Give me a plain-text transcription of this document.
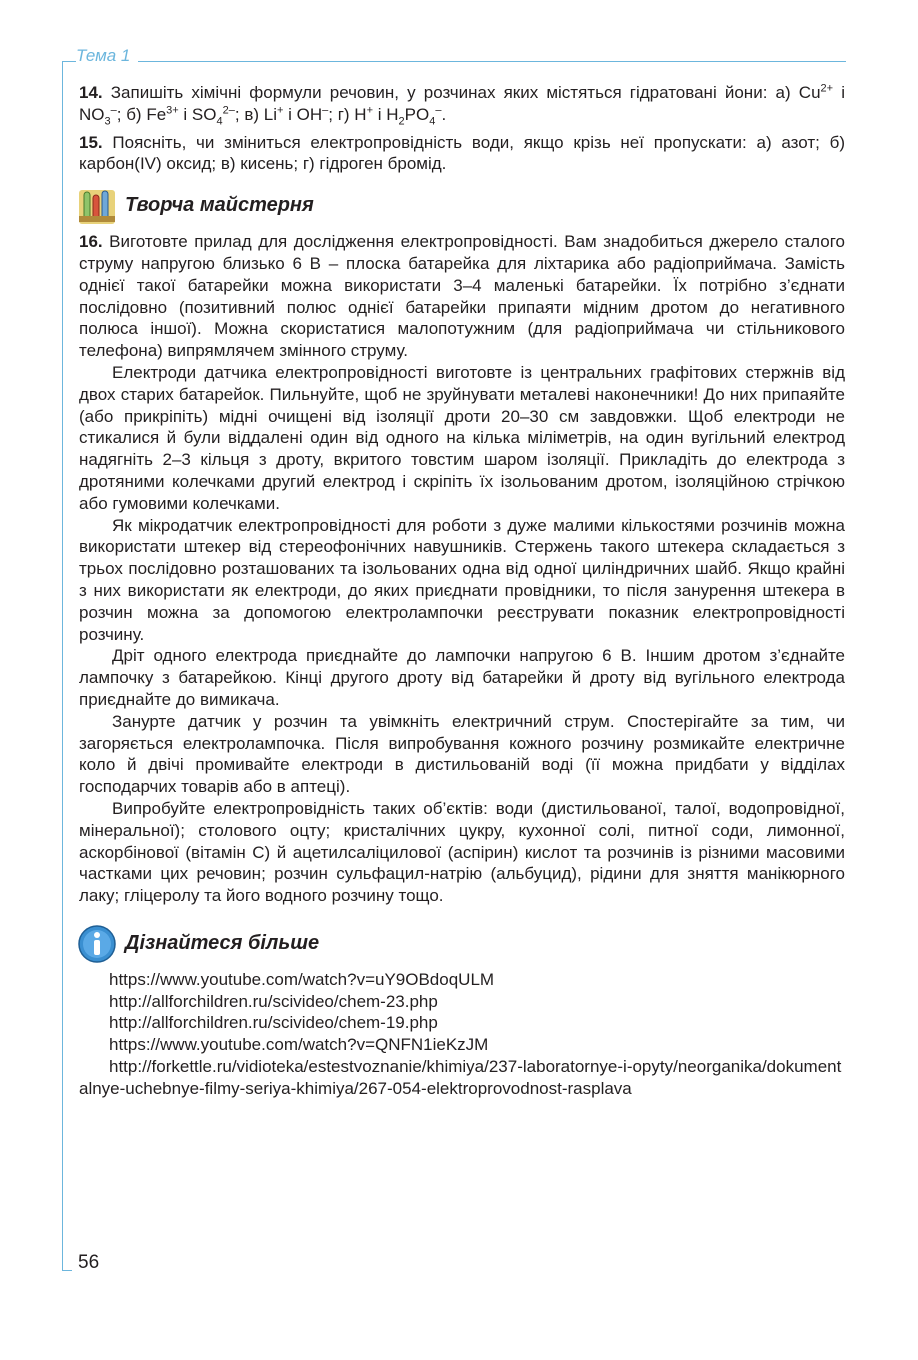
Тема 1

14. Запишіть хімічні формули речовин, у розчинах яких містяться гідратовані йони: а) $Cu^{2+}$ і $NO_3^-$; б) $Fe^{3+}$ і $SO_4^{2-}$; в) Li+ і OH–; г) H+ і $H_2PO_4^-$.

15. Поясніть, чи зміниться електропровідність води, якщо крізь неї пропускати: а) азот; б) карбон(IV) оксид; в) кисень; г) гідроген бромід.

Творча майстерня

16. Виготовте прилад для дослідження електропровідності. Вам знадобиться джерело сталого струму напругою близько 6 В – плоска батарейка для ліхтарика або радіоприймача. Замість однієї такої батарейки можна використати 3–4 маленькі батарейки. Їх потрібно з’єднати послідовно (позитивний полюс однієї батарейки припаяти мідним дротом до негативного полюса іншої). Можна скористатися малопотужним (для радіоприймача чи стільникового телефона) випрямлячем змінного струму.

Електроди датчика електропровідності виготовте із центральних графітових стержнів від двох старих батарейок. Пильнуйте, щоб не зруйнувати металеві наконечники! До них припаяйте (або прикріпіть) мідні очищені від ізоляції дроти 20–30 см завдовжки. Щоб електроди не стикалися й були віддалені один від одного на кілька міліметрів, на один вугільний електрод надягніть 2–3 кільця з дроту, вкритого товстим шаром ізоляції. Прикладіть до електрода з дротяними колечками другий електрод і скріпіть їх ізольованим дротом, ізоляційною стрічкою або гумовими колечками.

Як мікродатчик електропровідності для роботи з дуже малими кількостями розчинів можна використати штекер від стереофонічних навушників. Стержень такого штекера складається з трьох послідовно розташованих та ізольованих одна від одної циліндричних шайб. Якщо крайні з них використати як електроди, до яких приєднати провідники, то після занурення штекера в розчин можна за допомогою електролампочки реєструвати показник електропровідності розчину.

Дріт одного електрода приєднайте до лампочки напругою 6 В. Іншим дротом з’єднайте лампочку з батарейкою. Кінці другого дроту від батарейки й дроту від вугільного електрода приєднайте до вимикача.

Занурте датчик у розчин та увімкніть електричний струм. Спостерігайте за тим, чи загоряється електролампочка. Після випробування кожного розчину розмикайте електричне коло й двічі промивайте електроди в дистильованій воді (її можна придбати у відділах господарчих товарів або в аптеці).

Випробуйте електропровідність таких об’єктів: води (дистильованої, талої, водопровідної, мінеральної); столового оцту; кристалічних цукру, кухонної солі, питної соди, лимонної, аскорбінової (вітамін С) й ацетилсаліцилової (аспірин) кислот та розчинів із різними масовими частками цих речовин; розчин сульфацил-натрію (альбуцид), рідини для зняття манікюрного лаку; гліцеролу та його водного розчину тощо.

Дізнайтеся більше
https://www.youtube.com/watch?v=uY9OBdoqULM
http://allforchildren.ru/scivideo/chem-23.php
http://allforchildren.ru/scivideo/chem-19.php
https://www.youtube.com/watch?v=QNFN1ieKzJM
http://forkettle.ru/vidioteka/estestvoznanie/khimiya/237-laboratornye-i-opyty/neorganika/dokumentalnye-uchebnye-filmy-seriya-khimiya/267-054-elektroprovodnost-rasplava
56
